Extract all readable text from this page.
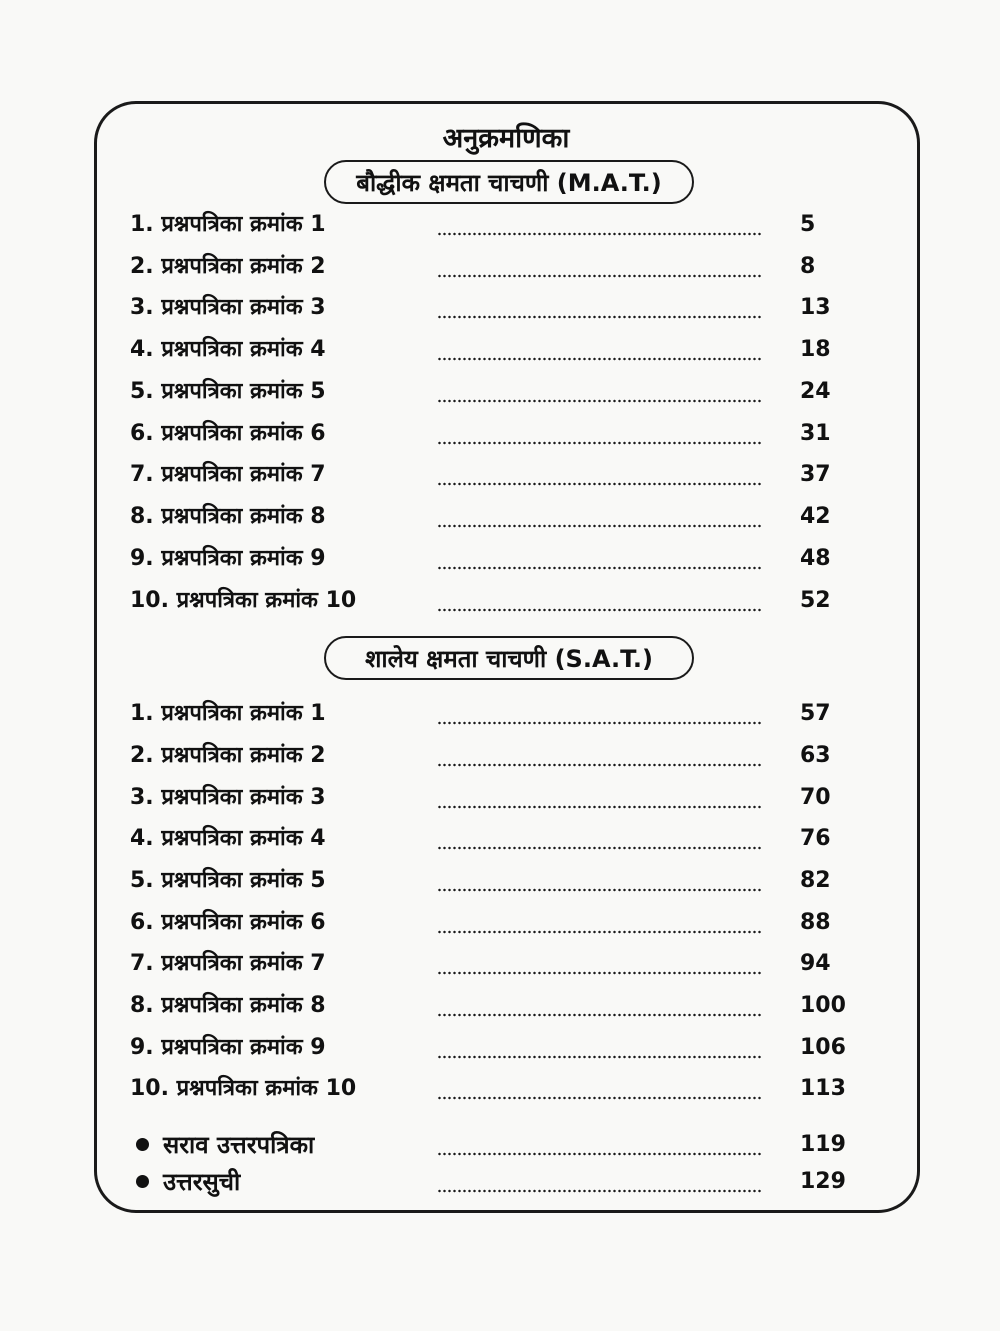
अनुक्रमणिका
बौद्धीक क्षमता चाचणी (M.A.T.)
शालेय क्षमता चाचणी (S.A.T.)
1. प्रश्नपत्रिका क्रमांक 1	5
2. प्रश्नपत्रिका क्रमांक 2	8
3. प्रश्नपत्रिका क्रमांक 3	13
4. प्रश्नपत्रिका क्रमांक 4	18
5. प्रश्नपत्रिका क्रमांक 5	24
6. प्रश्नपत्रिका क्रमांक 6	31
7. प्रश्नपत्रिका क्रमांक 7	37
8. प्रश्नपत्रिका क्रमांक 8	42
9. प्रश्नपत्रिका क्रमांक 9	48
10. प्रश्नपत्रिका क्रमांक 10	52
1. प्रश्नपत्रिका क्रमांक 1	57
2. प्रश्नपत्रिका क्रमांक 2	63
3. प्रश्नपत्रिका क्रमांक 3	70
4. प्रश्नपत्रिका क्रमांक 4	76
5. प्रश्नपत्रिका क्रमांक 5	82
6. प्रश्नपत्रिका क्रमांक 6	88
7. प्रश्नपत्रिका क्रमांक 7	94
8. प्रश्नपत्रिका क्रमांक 8	100
9. प्रश्नपत्रिका क्रमांक 9	106
10. प्रश्नपत्रिका क्रमांक 10	113
सराव उत्तरपत्रिका	119
उत्तरसुची	129
